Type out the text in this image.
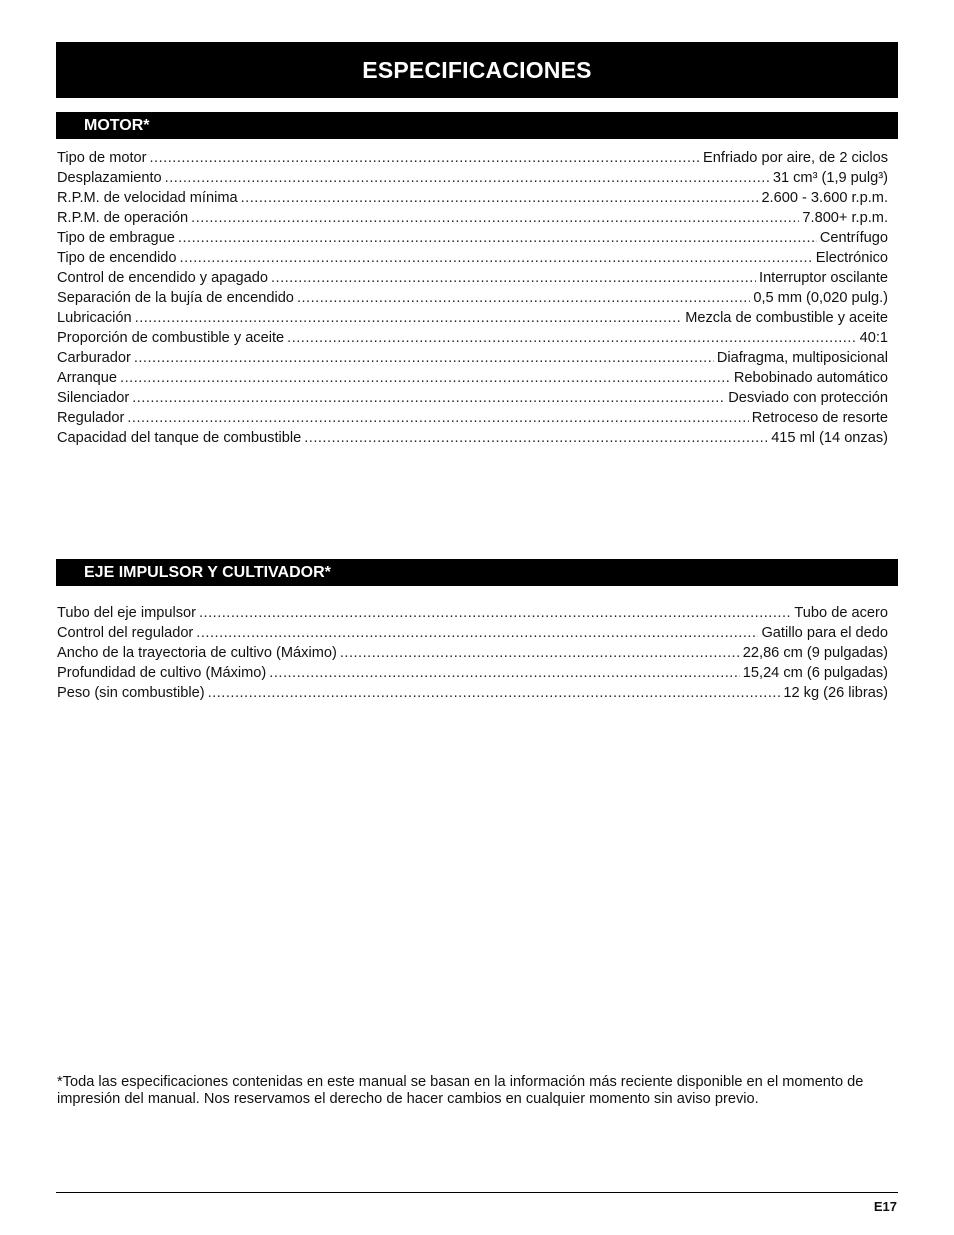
ESPECIFICACIONES
MOTOR*
Tipo de motor .....	Enfriado por aire, de 2 ciclos
Desplazamiento .....	31 cm³ (1,9 pulg³)
R.P.M. de velocidad mínima .....	2.600 - 3.600 r.p.m.
R.P.M. de operación .....	7.800+ r.p.m.
Tipo de embrague .....	Centrífugo
Tipo de encendido .....	Electrónico
Control de encendido y apagado .....	Interruptor oscilante
Separación de la bujía de encendido .....	0,5 mm (0,020 pulg.)
Lubricación .....	Mezcla de combustible y aceite
Proporción de combustible y aceite .....	40:1
Carburador .....	Diafragma, multiposicional
Arranque .....	Rebobinado automático
Silenciador .....	Desviado con protección
Regulador .....	Retroceso de resorte
Capacidad del tanque de combustible .....	415 ml (14 onzas)
EJE IMPULSOR Y CULTIVADOR*
Tubo del eje impulsor .....	Tubo de acero
Control del regulador .....	Gatillo para el dedo
Ancho de la trayectoria de cultivo (Máximo) .....	22,86 cm (9 pulgadas)
Profundidad de cultivo (Máximo) .....	15,24 cm (6 pulgadas)
Peso (sin combustible) .....	12 kg (26 libras)
*Toda las especificaciones contenidas en este manual se basan en la información más reciente disponible en el momento de impresión del manual. Nos reservamos el derecho de hacer cambios en cualquier momento sin aviso previo.
E17
